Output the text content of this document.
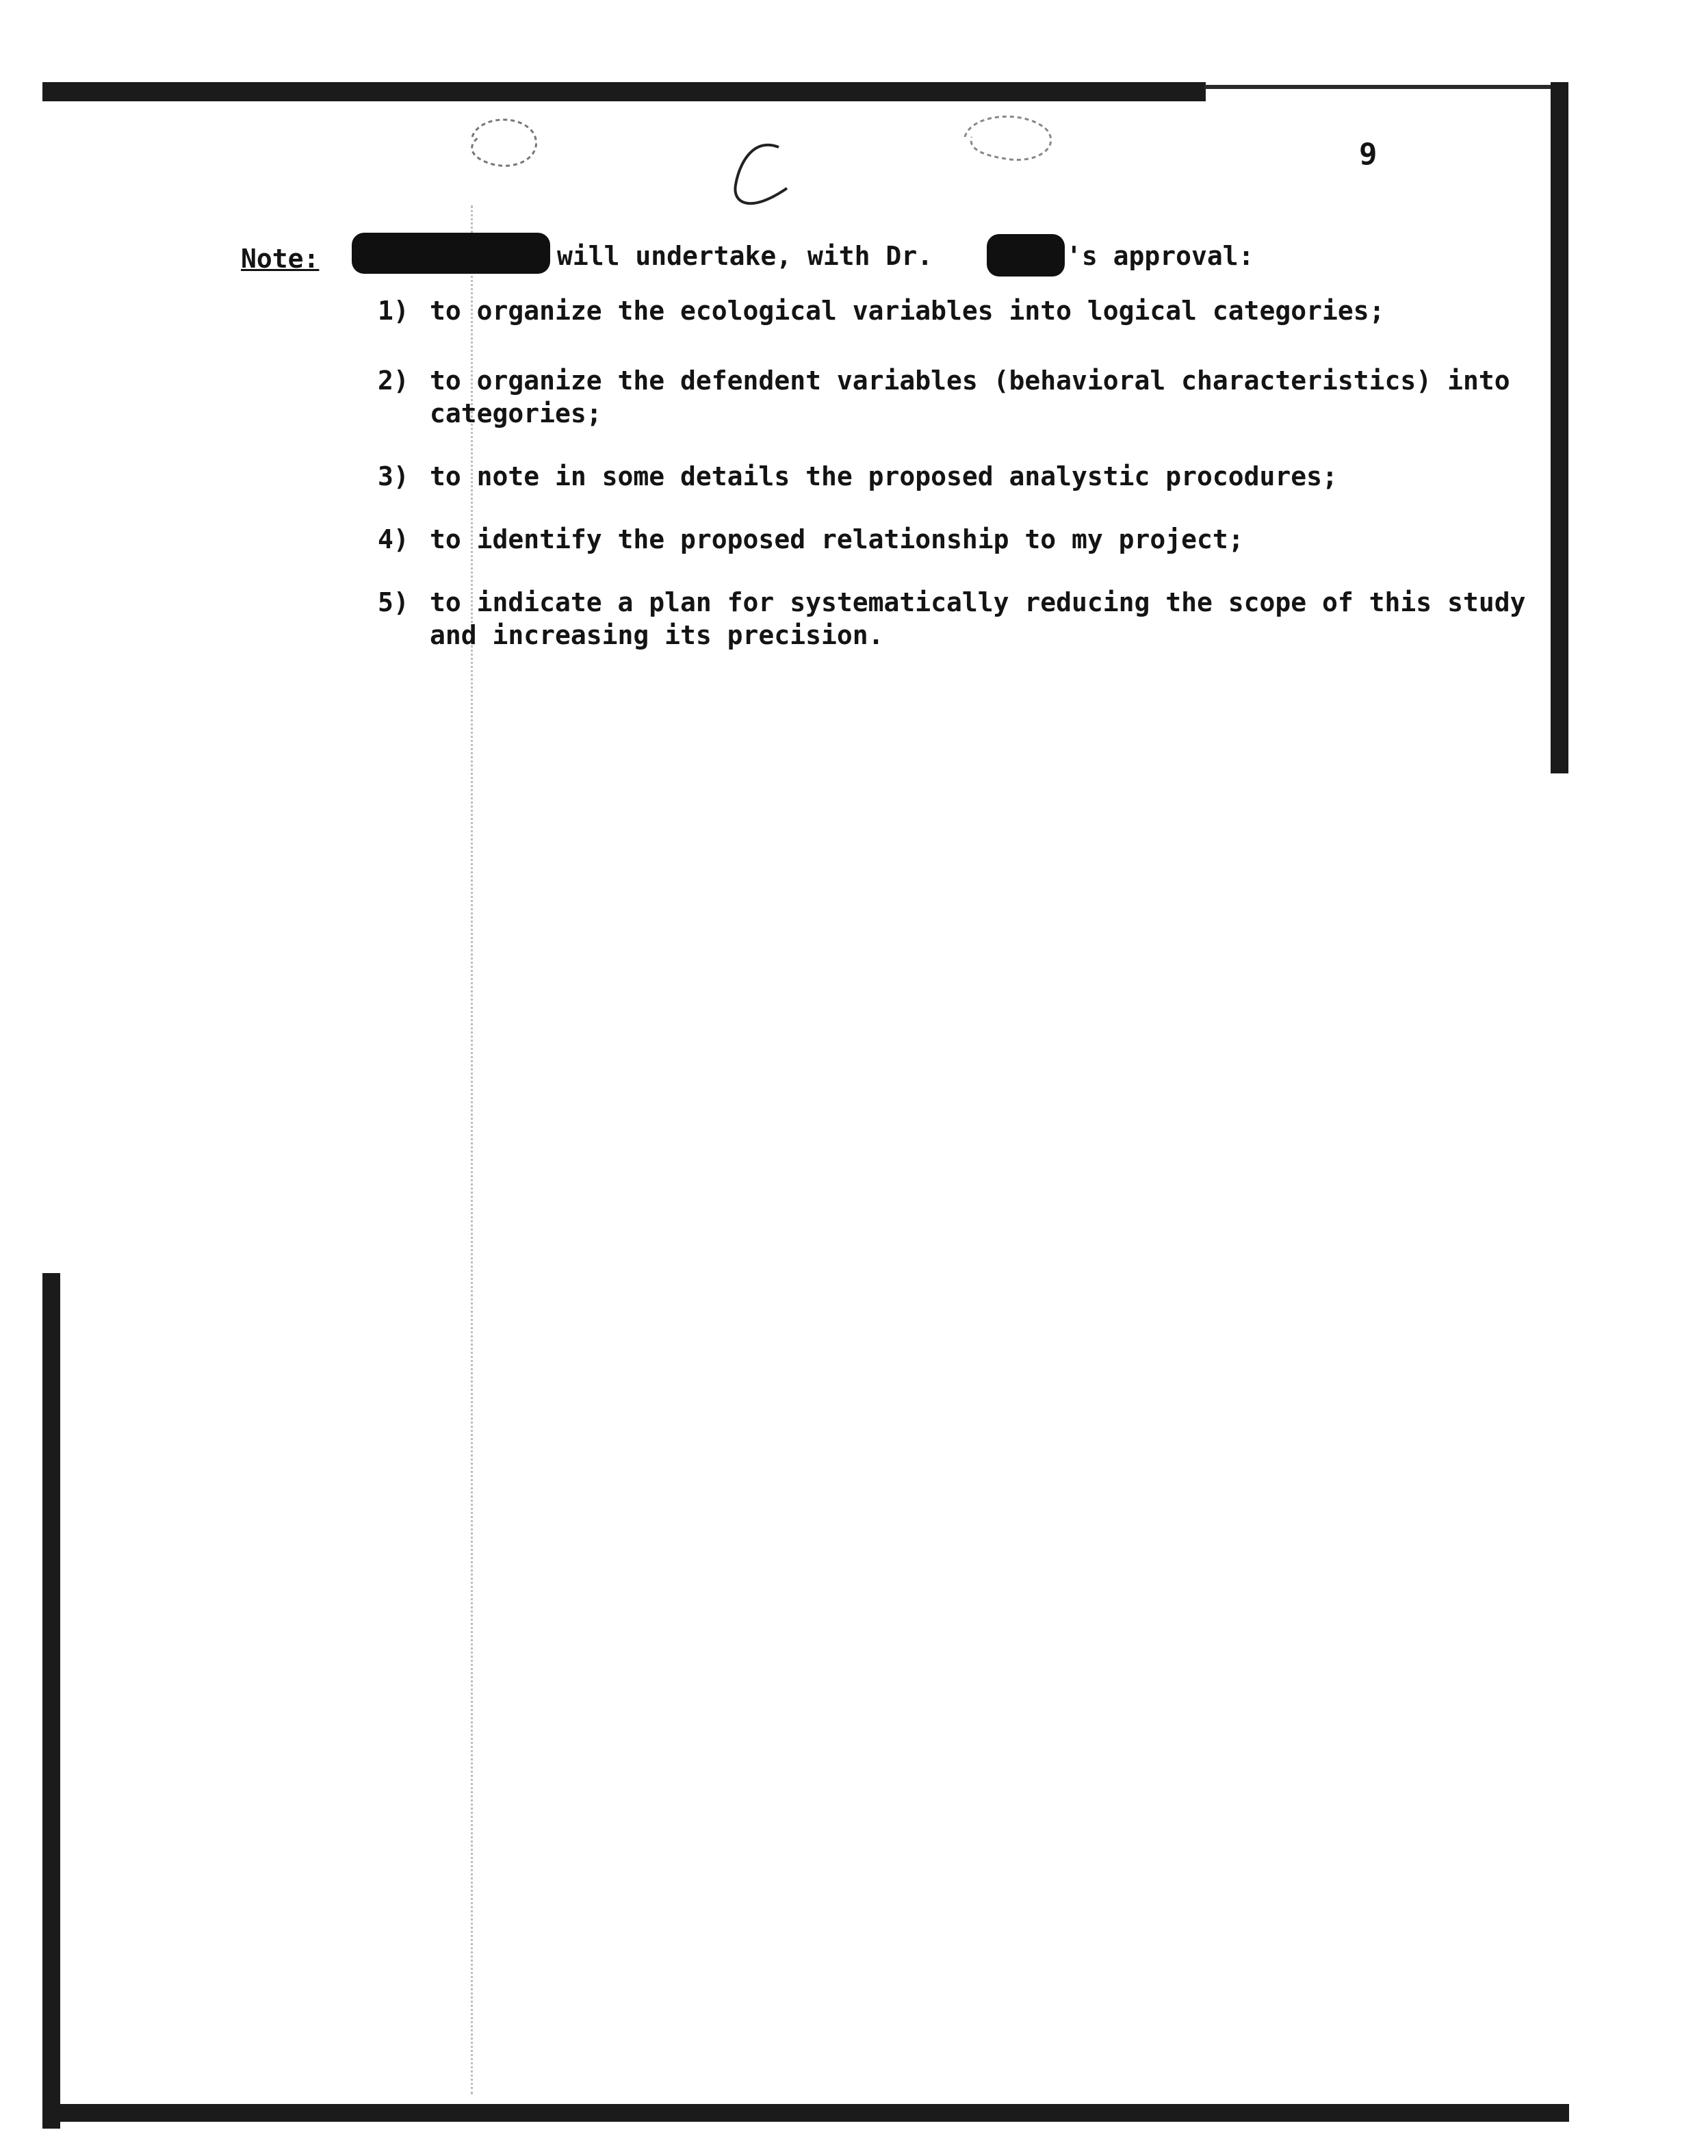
9
Note:	will undertake, with Dr.	's approval:
1) to organize the ecological variables into logical categories;
2) to organize the defendent variables (behavioral characteristics) into categories;
3) to note in some details the proposed analystic procodures;
4) to identify the proposed relationship to my project;
5) to indicate a plan for systematically reducing the scope of this study and increasing its precision.
